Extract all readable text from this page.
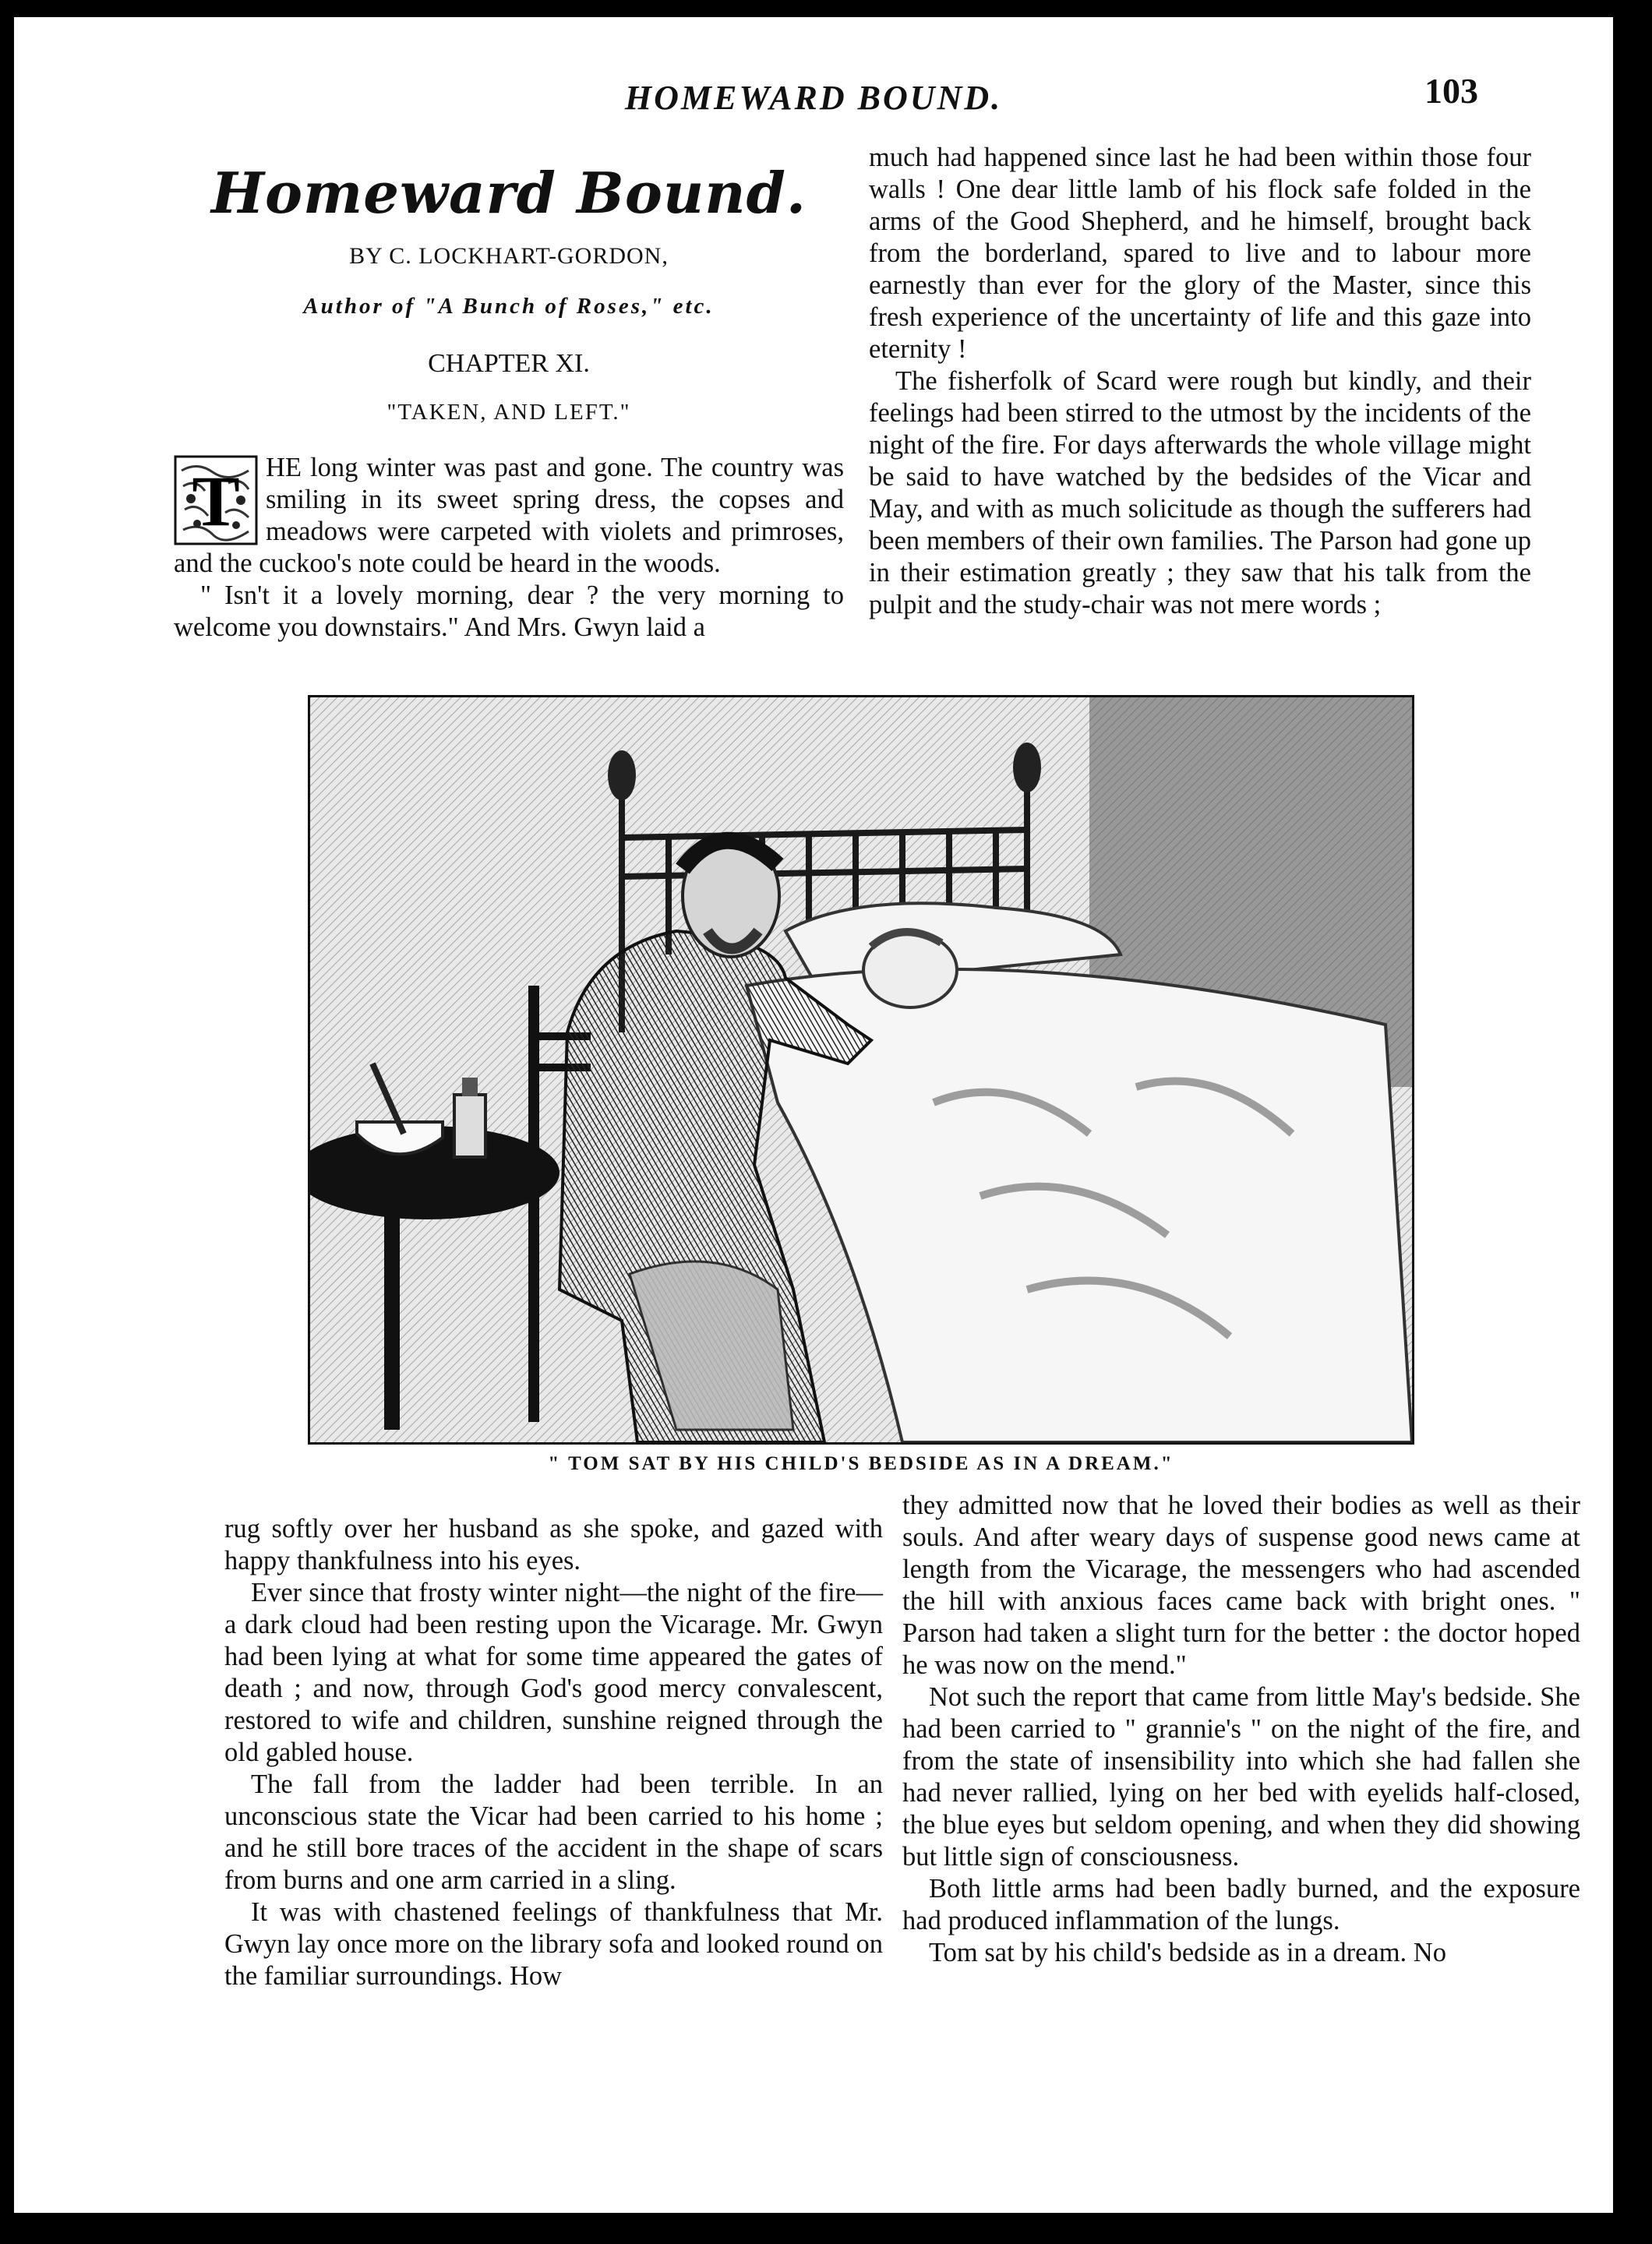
HOMEWARD BOUND.	103
Homeward Bound.
BY C. LOCKHART-GORDON,
Author of "A Bunch of Roses," etc.
CHAPTER XI.
"TAKEN, AND LEFT."
T HE long winter was past and gone. The country was smiling in its sweet spring dress, the copses and meadows were carpeted with violets and primroses, and the cuckoo's note could be heard in the woods.

" Isn't it a lovely morning, dear ? the very morning to welcome you downstairs." And Mrs. Gwyn laid a

much had happened since last he had been within those four walls ! One dear little lamb of his flock safe folded in the arms of the Good Shepherd, and he himself, brought back from the borderland, spared to live and to labour more earnestly than ever for the glory of the Master, since this fresh experience of the uncertainty of life and this gaze into eternity !

The fisherfolk of Scard were rough but kindly, and their feelings had been stirred to the utmost by the incidents of the night of the fire. For days afterwards the whole village might be said to have watched by the bedsides of the Vicar and May, and with as much solicitude as though the sufferers had been members of their own families. The Parson had gone up in their estimation greatly ; they saw that his talk from the pulpit and the study-chair was not mere words ;

" TOM SAT BY HIS CHILD'S BEDSIDE AS IN A DREAM."

rug softly over her husband as she spoke, and gazed with happy thankfulness into his eyes.

Ever since that frosty winter night—the night of the fire—a dark cloud had been resting upon the Vicarage. Mr. Gwyn had been lying at what for some time appeared the gates of death ; and now, through God's good mercy convalescent, restored to wife and children, sunshine reigned through the old gabled house.

The fall from the ladder had been terrible. In an unconscious state the Vicar had been carried to his home ; and he still bore traces of the accident in the shape of scars from burns and one arm carried in a sling.

It was with chastened feelings of thankfulness that Mr. Gwyn lay once more on the library sofa and looked round on the familiar surroundings. How

they admitted now that he loved their bodies as well as their souls. And after weary days of suspense good news came at length from the Vicarage, the messengers who had ascended the hill with anxious faces came back with bright ones. " Parson had taken a slight turn for the better : the doctor hoped he was now on the mend."

Not such the report that came from little May's bedside. She had been carried to " grannie's " on the night of the fire, and from the state of insensibility into which she had fallen she had never rallied, lying on her bed with eyelids half-closed, the blue eyes but seldom opening, and when they did showing but little sign of consciousness.

Both little arms had been badly burned, and the exposure had produced inflammation of the lungs.

Tom sat by his child's bedside as in a dream. No
